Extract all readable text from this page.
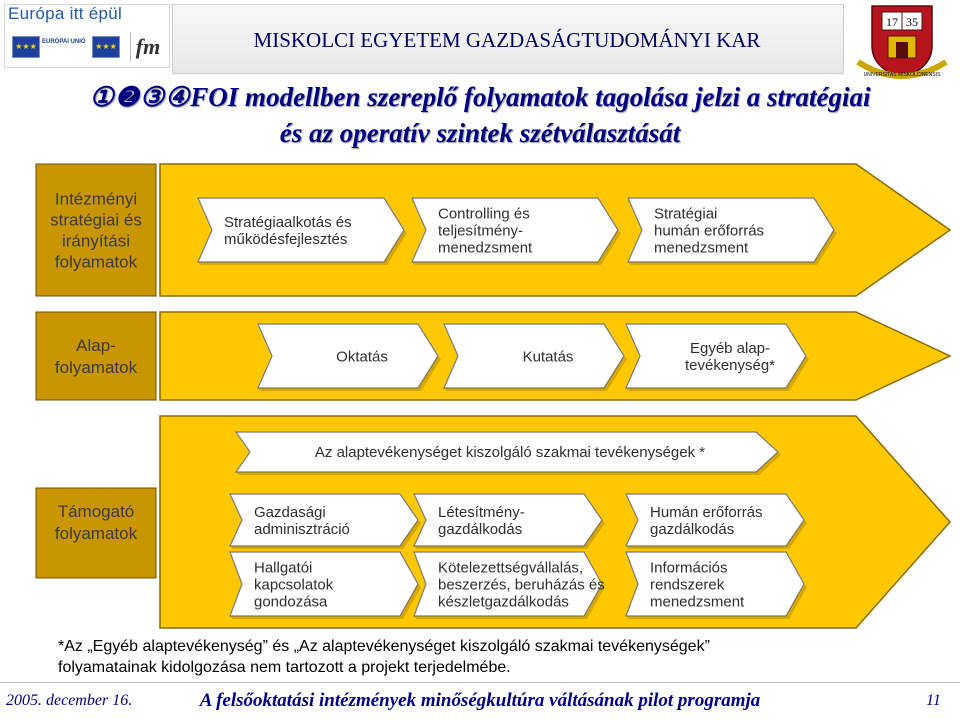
Európa itt épül
★★★ EURÓPAI UNIÓ ★★★ fm	MISKOLCI EGYETEM GAZDASÁGTUDOMÁNYI KAR
17 35
UNIVERSITAS MISKOLCINENSIS
①❷③④FOI modellben szereplő folyamatok tagolása jelzi a stratégiai
és az operatív szintek szétválasztását
Intézményi
stratégiai és
irányítási
folyamatok
Stratégiaalkotás és
működésfejlesztés
Controlling és
teljesítmény-
menedzsment
Stratégiai
humán erőforrás
menedzsment
Alap-
folyamatok
Oktatás	Kutatás	Egyéb alap-
tevékenység*
Támogató
folyamatok
Az alaptevékenységet kiszolgáló szakmai tevékenységek *
Gazdasági
adminisztráció
Létesítmény-
gazdálkodás
Humán erőforrás
gazdálkodás
Hallgatói
kapcsolatok
gondozása
Kötelezettségvállalás,
beszerzés, beruházás és
készletgazdálkodás
Információs
rendszerek
menedzsment
*Az „Egyéb alaptevékenység” és „Az alaptevékenységet kiszolgáló szakmai tevékenységek”
folyamatainak kidolgozása nem tartozott a projekt terjedelmébe.
2005. december 16.	A felsőoktatási intézmények minőségkultúra váltásának pilot programja	11
